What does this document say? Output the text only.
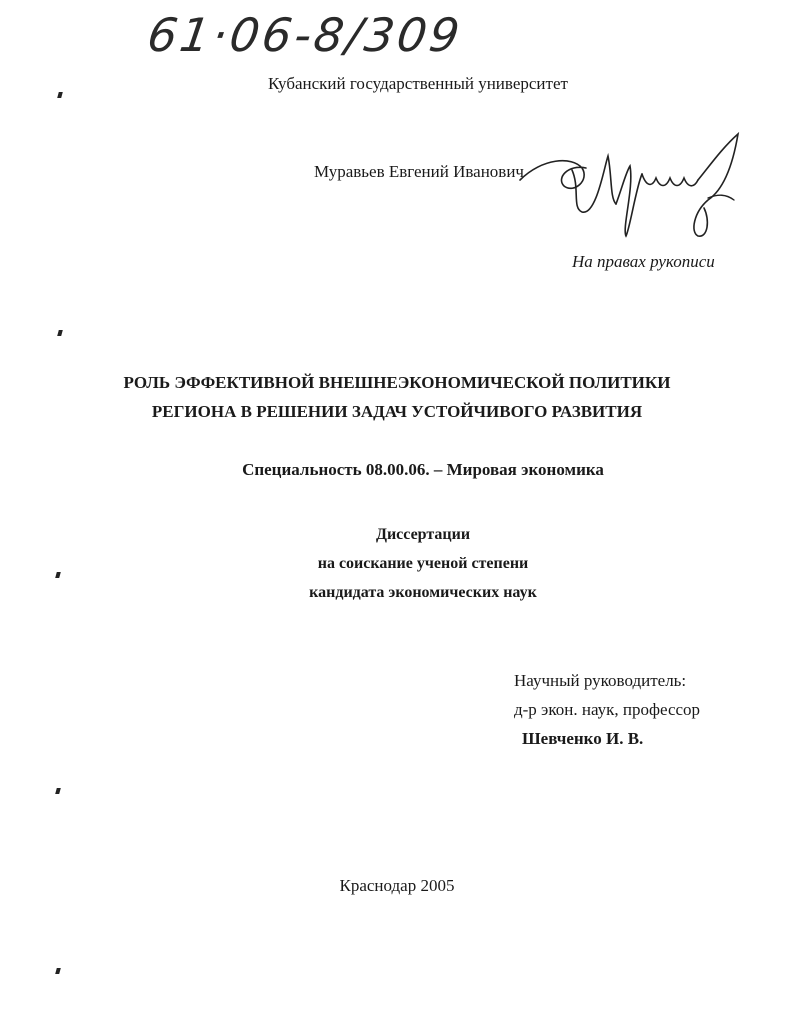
61·06-8/309
Кубанский государственный университет
Муравьев Евгений Иванович
На правах рукописи
РОЛЬ ЭФФЕКТИВНОЙ ВНЕШНЕЭКОНОМИЧЕСКОЙ ПОЛИТИКИ
РЕГИОНА В РЕШЕНИИ ЗАДАЧ УСТОЙЧИВОГО РАЗВИТИЯ
Специальность 08.00.06. – Мировая экономика
Диссертации
на соискание ученой степени
кандидата экономических наук
Научный руководитель:
д-р экон. наук, профессор
Шевченко И. В.
Краснодар 2005
